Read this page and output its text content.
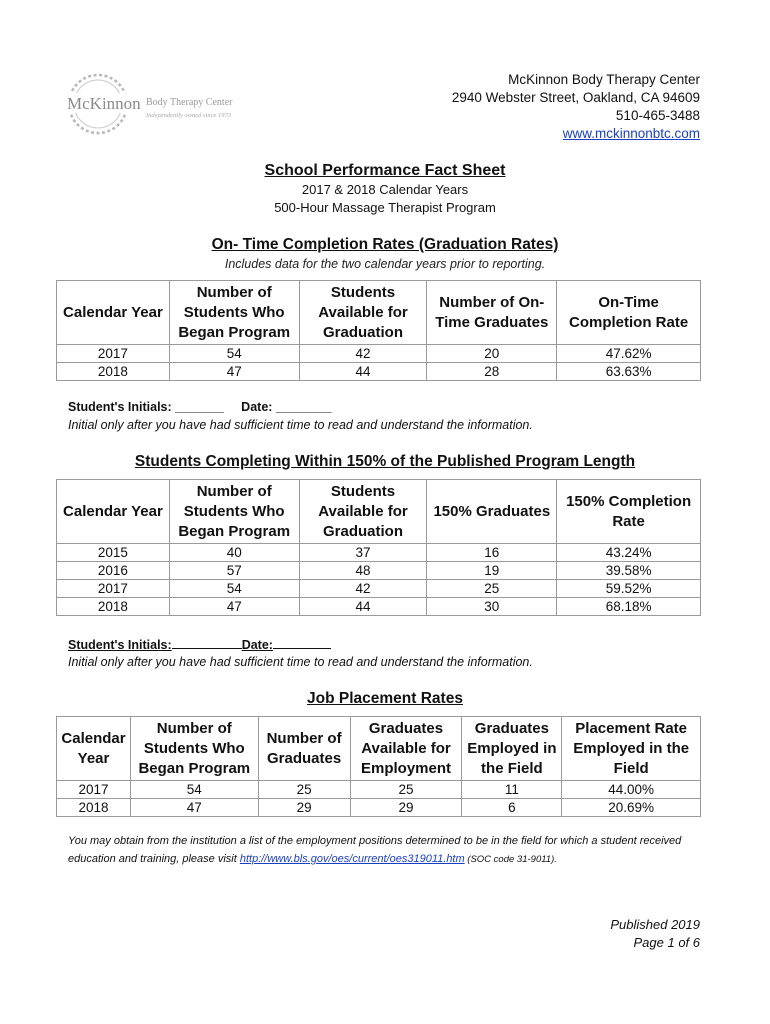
McKinnon Body Therapy Center
Independently owned since 1973
McKinnon Body Therapy Center
2940 Webster Street, Oakland, CA 94609
510-465-3488
www.mckinnonbtc.com
School Performance Fact Sheet
2017 & 2018 Calendar Years
500-Hour Massage Therapist Program
On- Time Completion Rates (Graduation Rates)
Includes data for the two calendar years prior to reporting.
Calendar Year	Number of Students Who Began Program	Students Available for Graduation	Number of On-Time Graduates	On-Time Completion Rate
2017	54	42	20	47.62%
2018	47	44	28	63.63%
Student's Initials: _______     Date: ________
Initial only after you have had sufficient time to read and understand the information.
Students Completing Within 150% of the Published Program Length
Calendar Year	Number of Students Who Began Program	Students Available for Graduation	150% Graduates	150% Completion Rate
2015	40	37	16	43.24%
2016	57	48	19	39.58%
2017	54	42	25	59.52%
2018	47	44	30	68.18%
Student's Initials:	Date:
Initial only after you have had sufficient time to read and understand the information.
Job Placement Rates
Calendar Year	Number of Students Who Began Program	Number of Graduates	Graduates Available for Employment	Graduates Employed in the Field	Placement Rate Employed in the Field
2017	54	25	25	11	44.00%
2018	47	29	29	6	20.69%
You may obtain from the institution a list of the employment positions determined to be in the field for which a student received education and training, please visit http://www.bls.gov/oes/current/oes319011.htm (SOC code 31-9011).
Published 2019
Page 1 of 6
